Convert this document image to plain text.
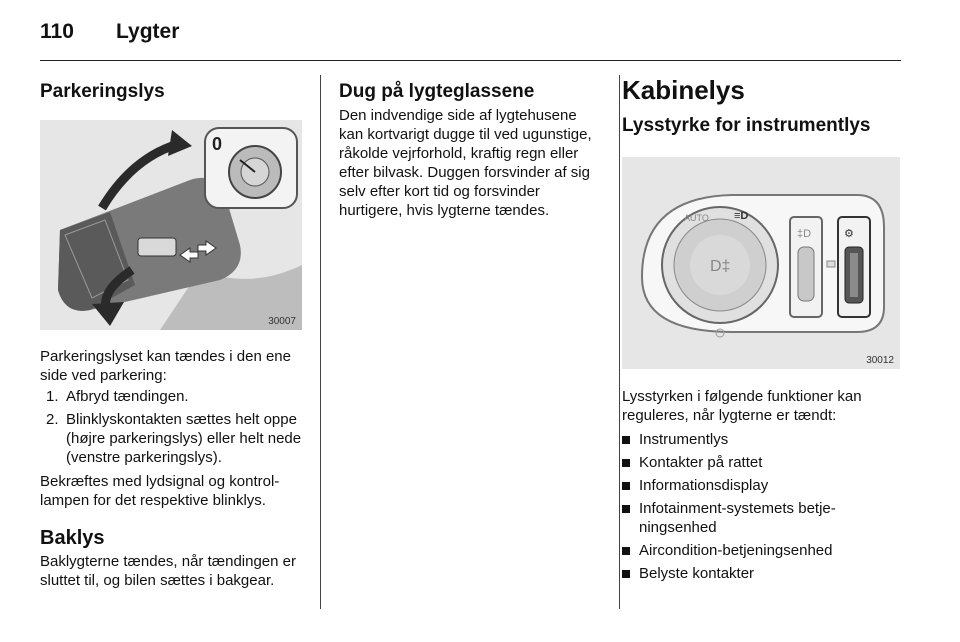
110 Lygter
Parkeringslys
0
30007

Parkeringslyset kan tændes i den ene side ved parkering:

1. Afbryd tændingen.
2. Blinklyskontakten sættes helt oppe (højre parkeringslys) eller helt nede (venstre parkeringslys).

Bekræftes med lydsignal og kontrollampen for det respektive blinklys.

Baklys

Baklygterne tændes, når tændingen er sluttet til, og bilen sættes i bakgear.

Dug på lygteglassene

Den indvendige side af lygtehusene kan kortvarigt dugge til ved ugunstige, råkolde vejrforhold, kraftig regn eller efter bilvask. Duggen forsvinder af sig selv efter kort tid og forsvinder hurtigere, hvis lygterne tændes.

Kabinelys
Lysstyrke for instrumentlys
D‡
AUTO ≡D
‡D	⚙
30012

Lysstyrken i følgende funktioner kan reguleres, når lygterne er tændt:

Instrumentlys
Kontakter på rattet
Informationsdisplay
Infotainment-systemets betjeningsenhed
Aircondition-betjeningsenhed
Belyste kontakter
